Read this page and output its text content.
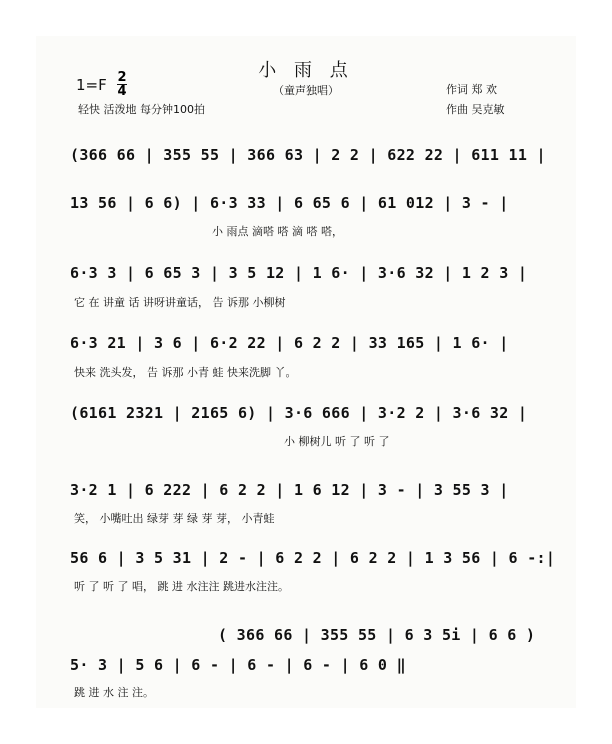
小 雨 点
（童声独唱）
1=F 2
4
轻快 活泼地 每分钟100拍
作词 郑 欢
作曲 吴克敏
(366 66 | 355 55 | 366 63 | 2 2 | 622 22 | 611 11 |
13 56 | 6 6) | 6·3 33 | 6 65 6 | 61 012 | 3 - |
小 雨点 滴嗒 嗒 滴 嗒 嗒，
6·3 3 | 6 65 3 | 3 5 12 | 1 6· | 3·6 32 | 1 2 3 |
它 在 讲童 话 讲呀讲童话， 告 诉那 小柳树
6·3 21 | 3 6 | 6·2 22 | 6 2 2 | 33 165 | 1 6· |
快来 洗头发， 告 诉那 小青 蛙 快来洗脚 丫。
(6161 2321 | 2165 6) | 3·6 666 | 3·2 2 | 3·6 32 |
小 柳树儿 听 了 听 了
3·2 1 | 6 222 | 6 2 2 | 1 6 12 | 3 - | 3 55 3 |
笑， 小嘴吐出 绿芽 芽 绿 芽 芽， 小青蛙
56 6 | 3 5 31 | 2 - | 6 2 2 | 6 2 2 | 1 3 56 | 6 -:|
听 了 听 了 唱， 跳 进 水注注 跳进水注注。
( 366 66 | 355 55 | 6 3 5i | 6 6 )
5· 3 | 5 6 | 6 - | 6 - | 6 - | 6 0 ‖
跳 进 水 注 注。
